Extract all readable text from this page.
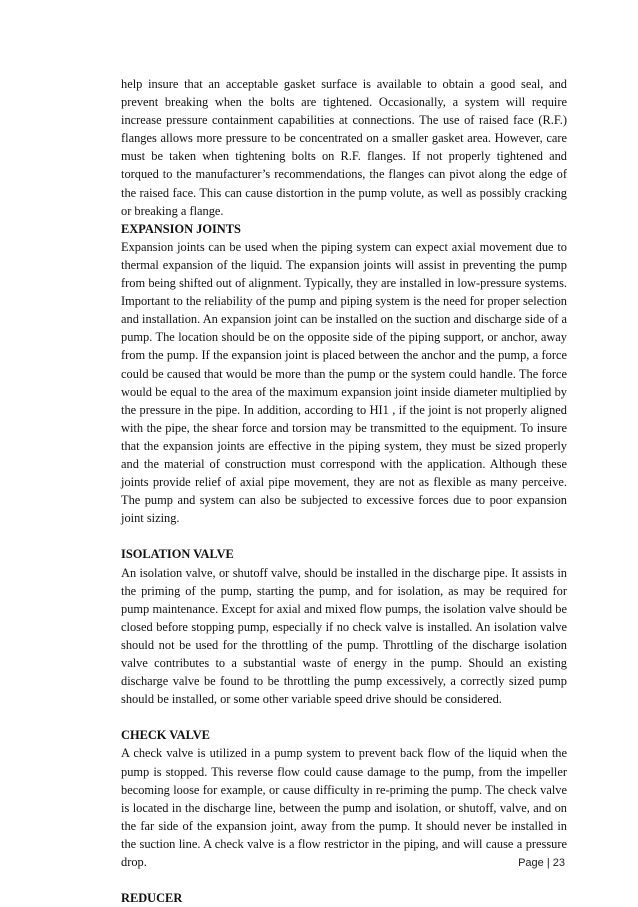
help insure that an acceptable gasket surface is available to obtain a good seal, and prevent breaking when the bolts are tightened. Occasionally, a system will require increase pressure containment capabilities at connections. The use of raised face (R.F.) flanges allows more pressure to be concentrated on a smaller gasket area. However, care must be taken when tightening bolts on R.F. flanges. If not properly tightened and torqued to the manufacturer’s recommendations, the flanges can pivot along the edge of the raised face. This can cause distortion in the pump volute, as well as possibly cracking or breaking a flange.

EXPANSION JOINTS

Expansion joints can be used when the piping system can expect axial movement due to thermal expansion of the liquid. The expansion joints will assist in preventing the pump from being shifted out of alignment. Typically, they are installed in low-pressure systems. Important to the reliability of the pump and piping system is the need for proper selection and installation. An expansion joint can be installed on the suction and discharge side of a pump. The location should be on the opposite side of the piping support, or anchor, away from the pump. If the expansion joint is placed between the anchor and the pump, a force could be caused that would be more than the pump or the system could handle. The force would be equal to the area of the maximum expansion joint inside diameter multiplied by the pressure in the pipe. In addition, according to HI1 , if the joint is not properly aligned with the pipe, the shear force and torsion may be transmitted to the equipment. To insure that the expansion joints are effective in the piping system, they must be sized properly and the material of construction must correspond with the application. Although these joints provide relief of axial pipe movement, they are not as flexible as many perceive. The pump and system can also be subjected to excessive forces due to poor expansion joint sizing.

ISOLATION VALVE

An isolation valve, or shutoff valve, should be installed in the discharge pipe. It assists in the priming of the pump, starting the pump, and for isolation, as may be required for pump maintenance. Except for axial and mixed flow pumps, the isolation valve should be closed before stopping pump, especially if no check valve is installed. An isolation valve should not be used for the throttling of the pump. Throttling of the discharge isolation valve contributes to a substantial waste of energy in the pump. Should an existing discharge valve be found to be throttling the pump excessively, a correctly sized pump should be installed, or some other variable speed drive should be considered.

CHECK VALVE

A check valve is utilized in a pump system to prevent back flow of the liquid when the pump is stopped. This reverse flow could cause damage to the pump, from the impeller becoming loose for example, or cause difficulty in re-priming the pump. The check valve is located in the discharge line, between the pump and isolation, or shutoff, valve, and on the far side of the expansion joint, away from the pump. It should never be installed in the suction line. A check valve is a flow restrictor in the piping, and will cause a pressure drop.

REDUCER
Page | 23
